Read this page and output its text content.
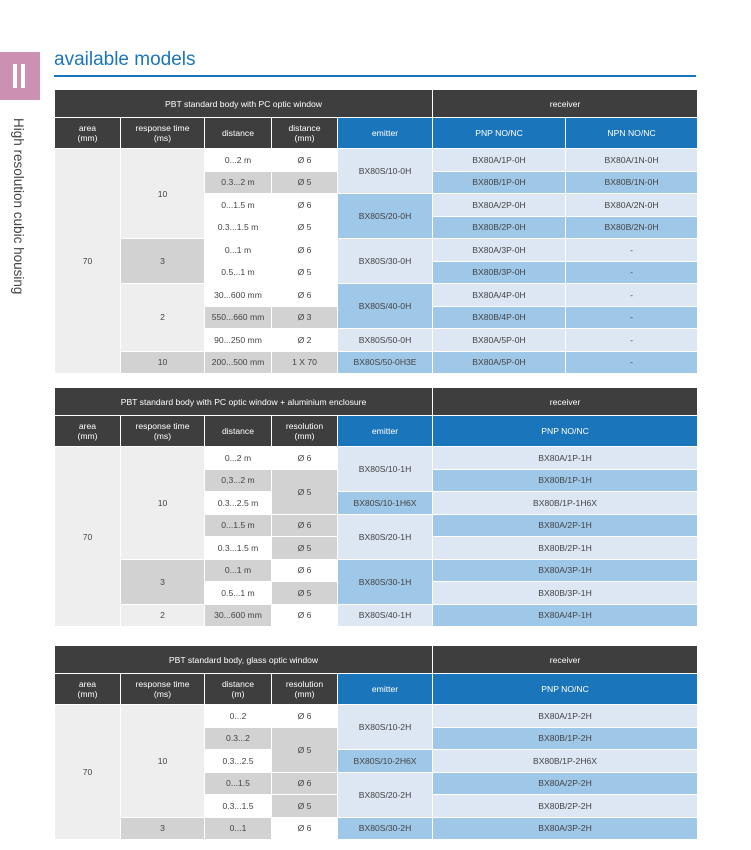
High resolution cubic housing
available models
PBT standard body with PC optic window					receiver	
area
(mm)	response time
(ms)	distance	distance
(mm)	emitter	PNP NO/NC	NPN NO/NC
70	10	0...2 m	Ø 6	BX80S/10-0H	BX80A/1P-0H	BX80A/1N-0H
		0.3...2 m	Ø 5		BX80B/1P-0H	BX80B/1N-0H
		0...1.5 m	Ø 6	BX80S/20-0H	BX80A/2P-0H	BX80A/2N-0H
		0.3...1.5 m	Ø 5		BX80B/2P-0H	BX80B/2N-0H
	3	0...1 m	Ø 6	BX80S/30-0H	BX80A/3P-0H	-
		0.5...1 m	Ø 5		BX80B/3P-0H	-
	2	30...600 mm	Ø 6	BX80S/40-0H	BX80A/4P-0H	-
		550...660 mm	Ø 3		BX80B/4P-0H	-
		90...250 mm	Ø 2	BX80S/50-0H	BX80A/5P-0H	-
	10	200...500 mm	1 X 70	BX80S/50-0H3E	BX80A/5P-0H	-
PBT standard body with PC optic window + aluminium enclosure					receiver
area
(mm)	response time
(ms)	distance	resolution
(mm)	emitter	PNP NO/NC
70	10	0...2 m	Ø 6	BX80S/10-1H	BX80A/1P-1H
		0,3...2 m	Ø 5		BX80B/1P-1H
		0.3...2.5 m		BX80S/10-1H6X	BX80B/1P-1H6X
		0...1.5 m	Ø 6	BX80S/20-1H	BX80A/2P-1H
		0.3...1.5 m	Ø 5		BX80B/2P-1H
	3	0...1 m	Ø 6	BX80S/30-1H	BX80A/3P-1H
		0.5...1 m	Ø 5		BX80B/3P-1H
	2	30...600 mm	Ø 6	BX80S/40-1H	BX80A/4P-1H
PBT standard body, glass optic window					receiver
area
(mm)	response time
(ms)	distance
(m)	resolution
(mm)	emitter	PNP NO/NC
70	10	0...2	Ø 6	BX80S/10-2H	BX80A/1P-2H
		0.3...2	Ø 5		BX80B/1P-2H
		0.3...2.5		BX80S/10-2H6X	BX80B/1P-2H6X
		0...1.5	Ø 6	BX80S/20-2H	BX80A/2P-2H
		0.3...1.5	Ø 5		BX80B/2P-2H
	3	0...1	Ø 6	BX80S/30-2H	BX80A/3P-2H
